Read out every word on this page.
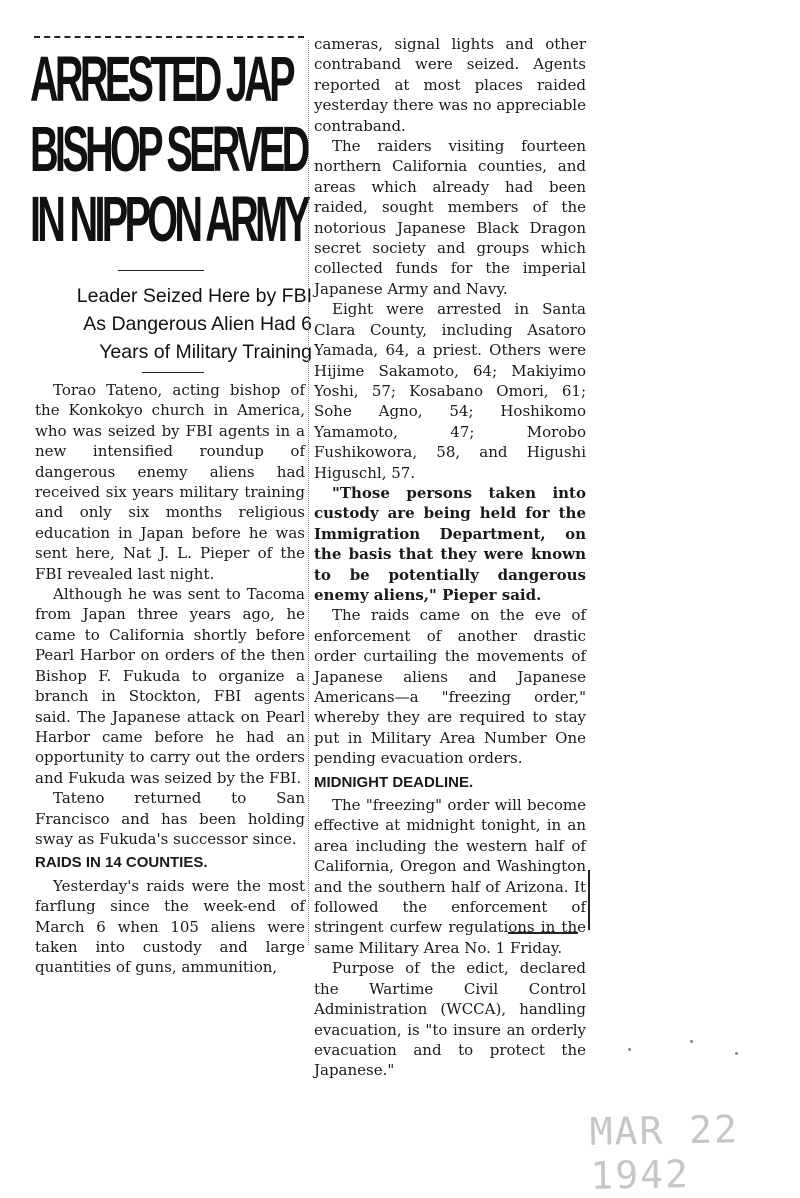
ARRESTED JAP
BISHOP SERVED
IN NIPPON ARMY
Leader Seized Here by FBI
As Dangerous Alien Had 6
Years of Military Training

Torao Tateno, acting bishop of the Konkokyo church in America, who was seized by FBI agents in a new intensified roundup of dangerous enemy aliens had received six years military training and only six months religious education in Japan before he was sent here, Nat J. L. Pieper of the FBI revealed last night.

Although he was sent to Tacoma from Japan three years ago, he came to California shortly before Pearl Harbor on orders of the then Bishop F. Fukuda to organize a branch in Stockton, FBI agents said. The Japanese attack on Pearl Harbor came before he had an opportunity to carry out the orders and Fukuda was seized by the FBI.

Tateno returned to San Francisco and has been holding sway as Fukuda's successor since.

RAIDS IN 14 COUNTIES.

Yesterday's raids were the most farflung since the week-end of March 6 when 105 aliens were taken into custody and large quantities of guns, ammunition,

cameras, signal lights and other contraband were seized. Agents reported at most places raided yesterday there was no appreciable contraband.

The raiders visiting fourteen northern California counties, and areas which already had been raided, sought members of the notorious Japanese Black Dragon secret society and groups which collected funds for the imperial Japanese Army and Navy.

Eight were arrested in Santa Clara County, including Asatoro Yamada, 64, a priest. Others were Hijime Sakamoto, 64; Makiyimo Yoshi, 57; Kosabano Omori, 61; Sohe Agno, 54; Hoshikomo Yamamoto, 47; Morobo Fushikowora, 58, and Higushi Higuschl, 57.

"Those persons taken into custody are being held for the Immigration Department, on the basis that they were known to be potentially dangerous enemy aliens," Pieper said.

The raids came on the eve of enforcement of another drastic order curtailing the movements of Japanese aliens and Japanese Americans—a "freezing order," whereby they are required to stay put in Military Area Number One pending evacuation orders.

MIDNIGHT DEADLINE.

The "freezing" order will become effective at midnight tonight, in an area including the western half of California, Oregon and Washington and the southern half of Arizona. It followed the enforcement of stringent curfew regulations in the same Military Area No. 1 Friday.

Purpose of the edict, declared the Wartime Civil Control Administration (WCCA), handling evacuation, is "to insure an orderly evacuation and to protect the Japanese."

MAR 22 1942
